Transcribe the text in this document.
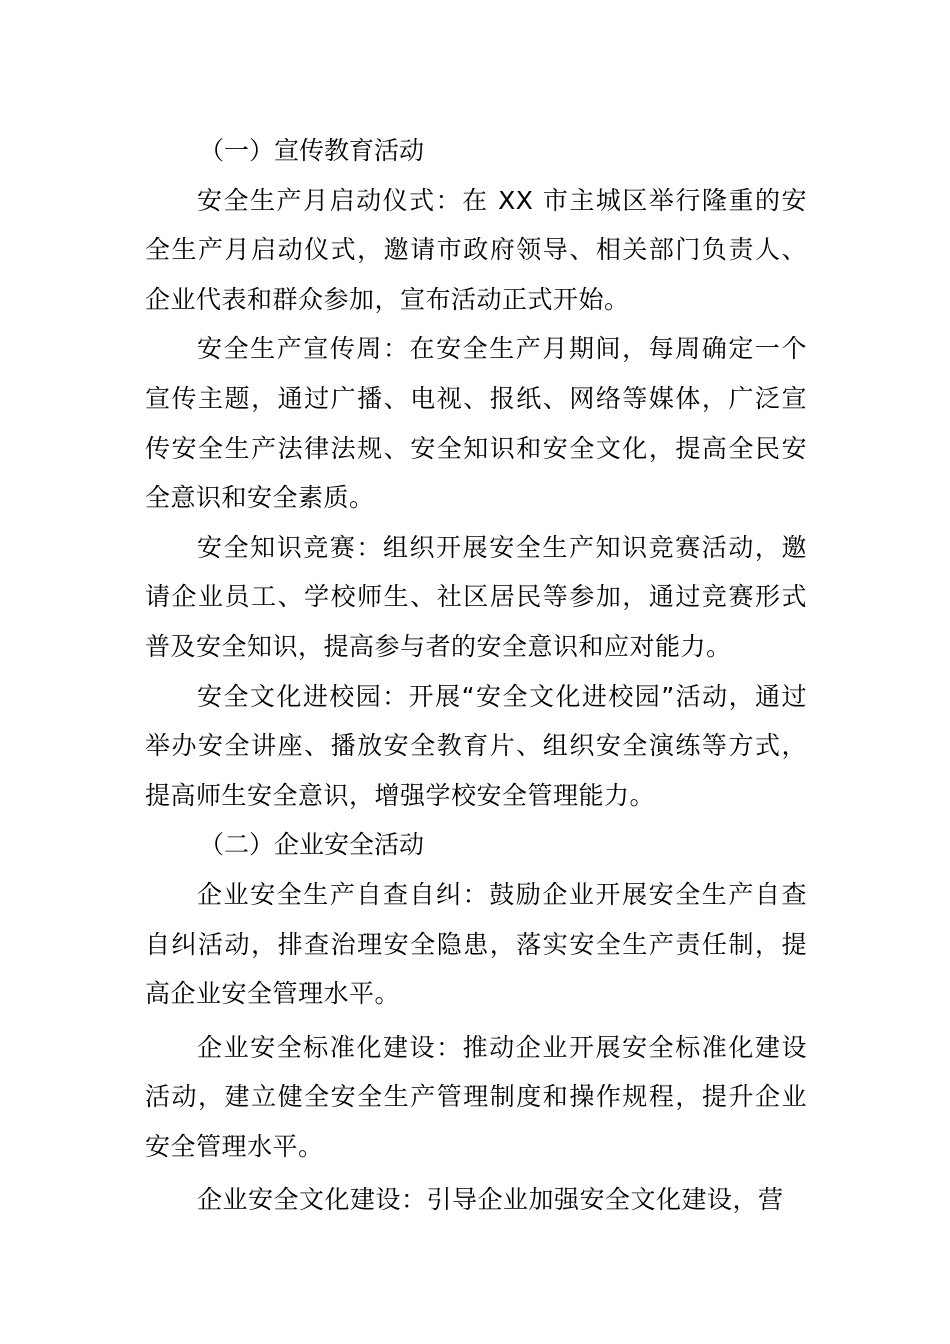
（一）宣传教育活动

安全生产月启动仪式：在 XX 市主城区举行隆重的安全生产月启动仪式，邀请市政府领导、相关部门负责人、企业代表和群众参加，宣布活动正式开始。

安全生产宣传周：在安全生产月期间，每周确定一个宣传主题，通过广播、电视、报纸、网络等媒体，广泛宣传安全生产法律法规、安全知识和安全文化，提高全民安全意识和安全素质。

安全知识竞赛：组织开展安全生产知识竞赛活动，邀请企业员工、学校师生、社区居民等参加，通过竞赛形式普及安全知识，提高参与者的安全意识和应对能力。

安全文化进校园：开展“安全文化进校园”活动，通过举办安全讲座、播放安全教育片、组织安全演练等方式，提高师生安全意识，增强学校安全管理能力。

（二）企业安全活动

企业安全生产自查自纠：鼓励企业开展安全生产自查自纠活动，排查治理安全隐患，落实安全生产责任制，提高企业安全管理水平。

企业安全标准化建设：推动企业开展安全标准化建设活动，建立健全安全生产管理制度和操作规程，提升企业安全管理水平。

企业安全文化建设：引导企业加强安全文化建设，营
